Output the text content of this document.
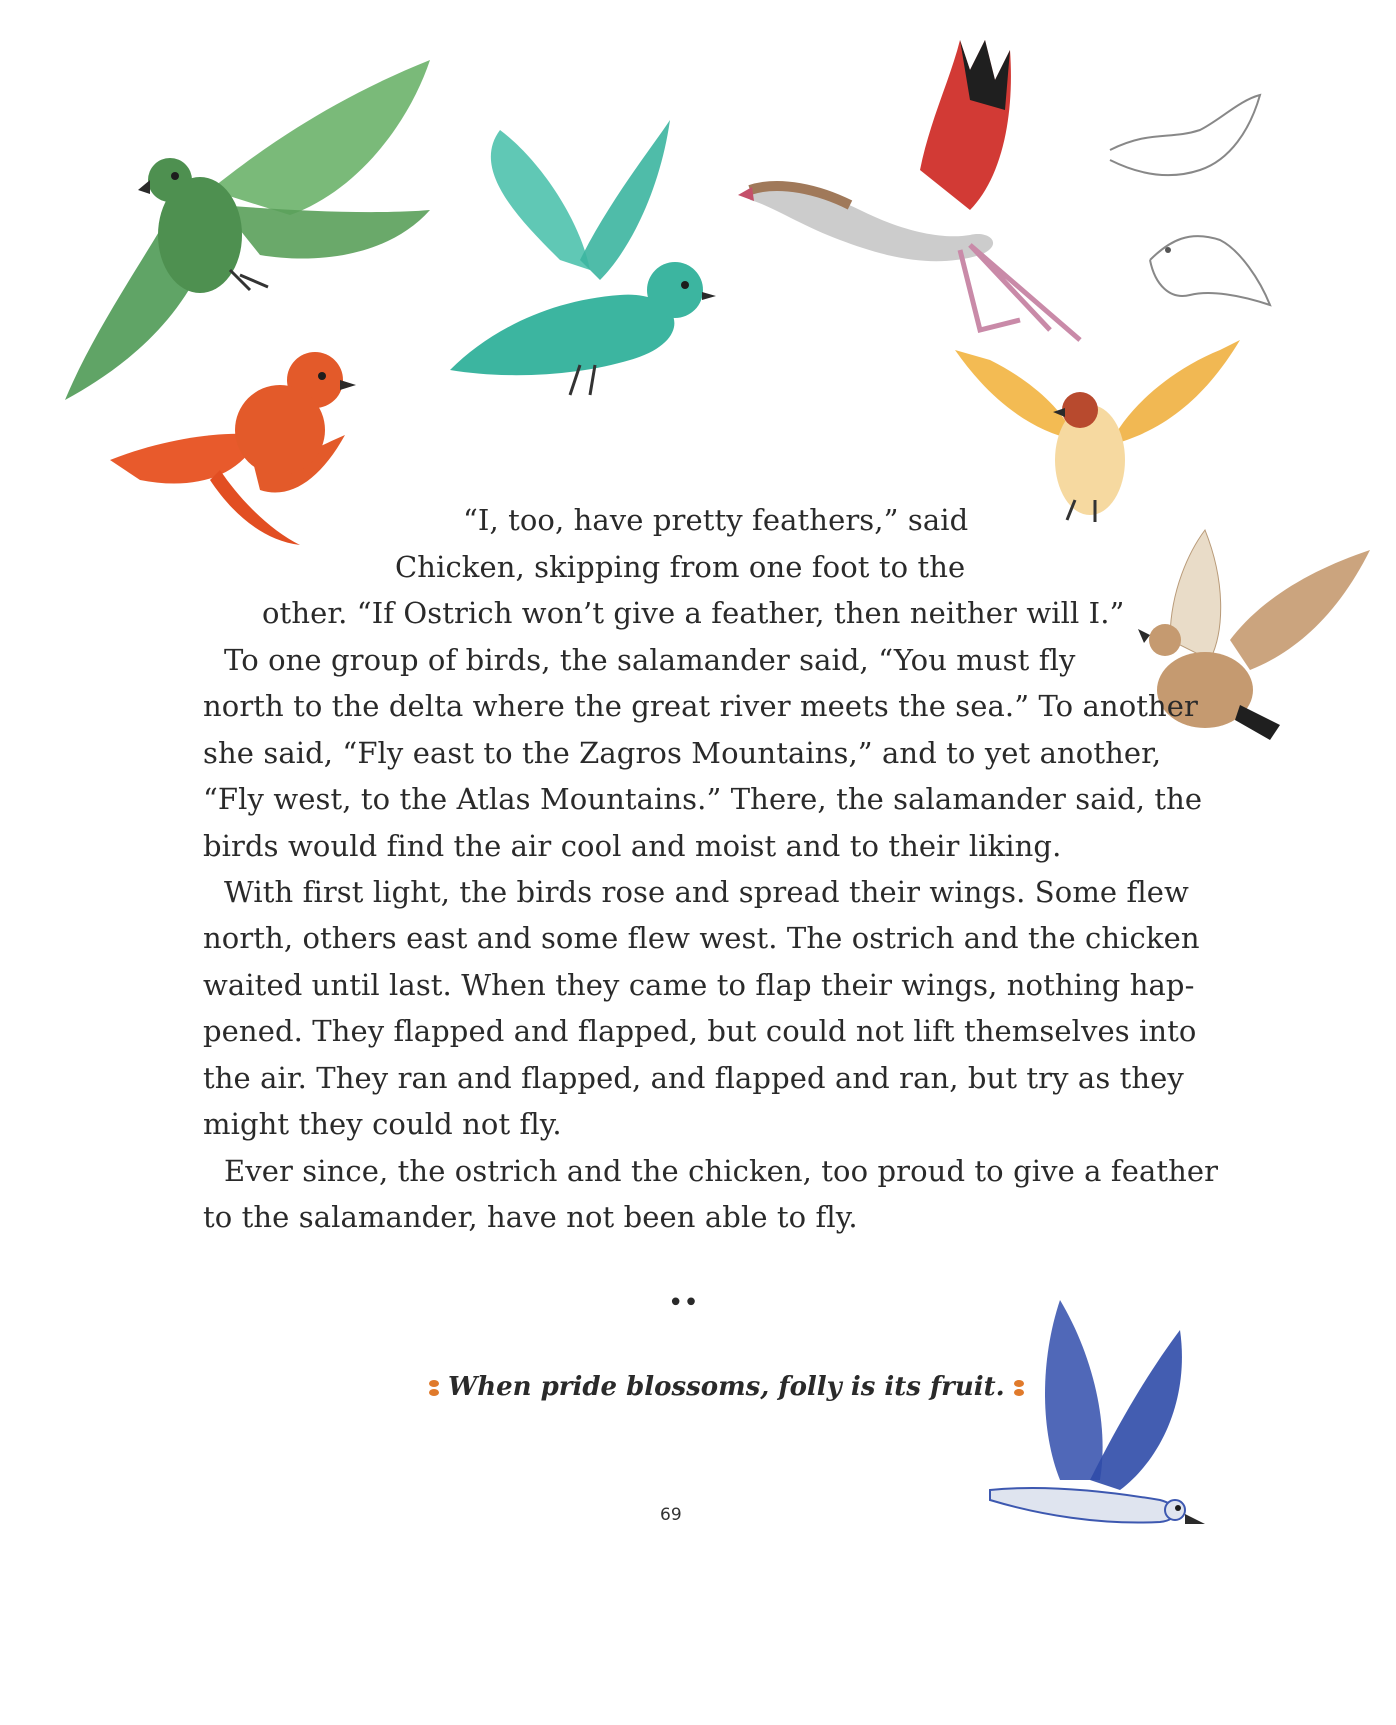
“I, too, have pretty feathers,” said
Chicken, skipping from one foot to the
other. “If Ostrich won’t give a feather, then neither will I.”
To one group of birds, the salamander said, “You must fly
north to the delta where the great river meets the sea.” To another
she said, “Fly east to the Zagros Mountains,” and to yet another,
“Fly west, to the Atlas Mountains.” There, the salamander said, the
birds would find the air cool and moist and to their liking.
With first light, the birds rose and spread their wings. Some flew
north, others east and some flew west. The ostrich and the chicken
waited until last. When they came to flap their wings, nothing hap-
pened. They flapped and flapped, but could not lift themselves into
the air. They ran and flapped, and flapped and ran, but try as they
might they could not fly.
Ever since, the ostrich and the chicken, too proud to give a feather
to the salamander, have not been able to fly.
••
When pride blossoms, folly is its fruit.
69
